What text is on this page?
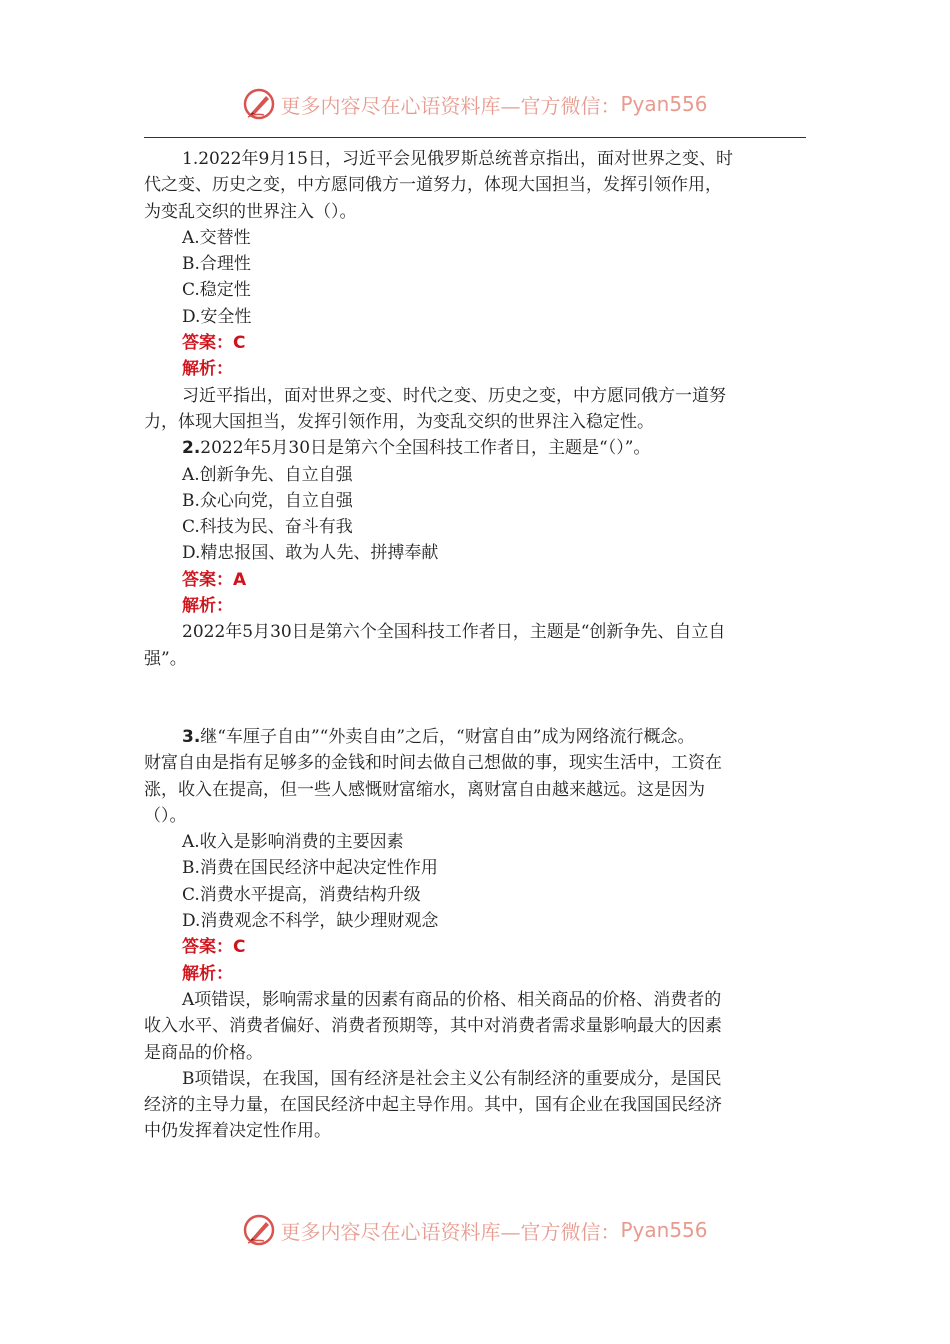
更多内容尽在心语资料库—官方微信： Pyan556

1.2022年9月15日，习近平会见俄罗斯总统普京指出，面对世界之变、时

代之变、历史之变，中方愿同俄方一道努力，体现大国担当，发挥引领作用，

为变乱交织的世界注入（）。

A.交替性

B.合理性

C.稳定性

D.安全性

答案：C

解析：

习近平指出，面对世界之变、时代之变、历史之变，中方愿同俄方一道努

力，体现大国担当，发挥引领作用，为变乱交织的世界注入稳定性。

2.2022年5月30日是第六个全国科技工作者日，主题是“（）”。

A.创新争先、自立自强

B.众心向党，自立自强

C.科技为民、奋斗有我

D.精忠报国、敢为人先、拼搏奉献

答案：A

解析：

2022年5月30日是第六个全国科技工作者日，主题是“创新争先、自立自

强”。

3.继“车厘子自由”“外卖自由”之后，“财富自由”成为网络流行概念。

财富自由是指有足够多的金钱和时间去做自己想做的事，现实生活中，工资在

涨，收入在提高，但一些人感慨财富缩水，离财富自由越来越远。这是因为

（）。

A.收入是影响消费的主要因素

B.消费在国民经济中起决定性作用

C.消费水平提高，消费结构升级

D.消费观念不科学，缺少理财观念

答案：C

解析：

A项错误，影响需求量的因素有商品的价格、相关商品的价格、消费者的

收入水平、消费者偏好、消费者预期等，其中对消费者需求量影响最大的因素

是商品的价格。

B项错误，在我国，国有经济是社会主义公有制经济的重要成分，是国民

经济的主导力量，在国民经济中起主导作用。其中，国有企业在我国国民经济

中仍发挥着决定性作用。

更多内容尽在心语资料库—官方微信： Pyan556
